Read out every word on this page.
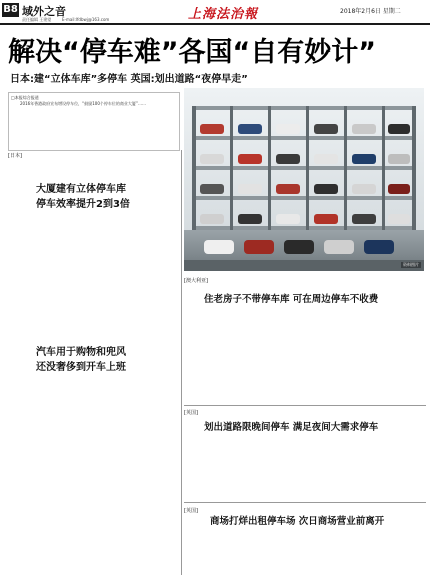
B8 域外之音
责任编辑 王建望	E-mail:lfdbwj@163.com	上海法治報	2018年2月6日 星期二
解决“停车难”各国“自有妙计”
日本:建“立体车库”多停车 英国:划出道路“夜停早走”
□本报综合报道

2016年香港政府宣布增设停车位，“鼓励100个停车位的商业大厦”……

资料图片
[日本]
大厦建有立体停车库
停车效率提升2到3倍

汽车用于购物和兜风
还没奢侈到开车上班
[澳大利亚]
住老房子不带停车库 可在周边停车不收费
[英国]
划出道路限晚间停车 满足夜间大需求停车
[英国]
商场打烊出租停车场 次日商场营业前离开
